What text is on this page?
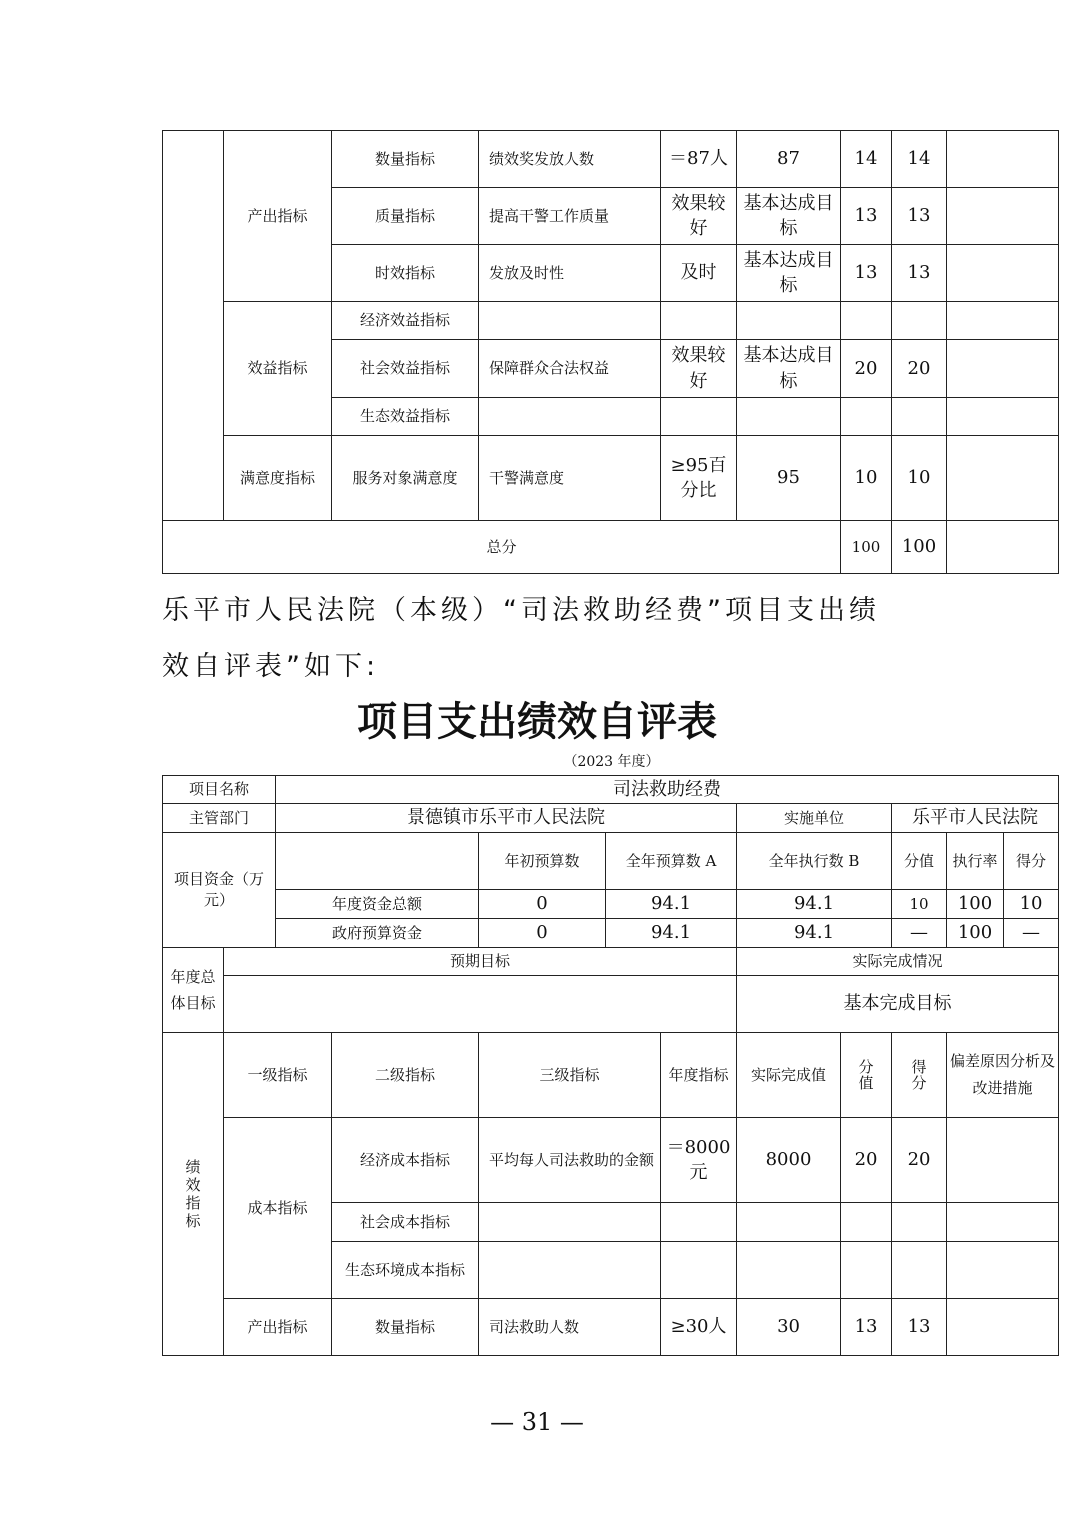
	产出指标	数量指标	绩效奖发放人数	＝87人	87	14	14	
		质量指标	提高干警工作质量	效果较好	基本达成目标	13	13	
		时效指标	发放及时性	及时	基本达成目标	13	13	
	效益指标	经济效益指标						
		社会效益指标	保障群众合法权益	效果较好	基本达成目标	20	20	
		生态效益指标						
	满意度指标	服务对象满意度	干警满意度	≥95百分比	95	10	10	
总分						100	100	
乐平市人民法院（本级）“司法救助经费”项目支出绩
效自评表”如下:
项目支出绩效自评表
（2023 年度）
项目名称		司法救助经费									
主管部门		景德镇市乐平市人民法院					实施单位		乐平市人民法院		
项目资金（万元）				年初预算数	全年预算数 A		全年执行数 B		分值	执行率	得分
		年度资金总额		0	94.1		94.1		10	100	10
		政府预算资金		0	94.1		94.1		—	100	—
年度总体目标	预期目标						实际完成情况				
							基本完成目标				

绩效指标	一级指标		二级指标	三级指标		年度指标	实际完成值	分值	得分	偏差原因分析及改进措施	
	成本指标		经济成本指标	平均每人司法救助的金额		＝8000元	8000	20	20		
			社会成本指标								
			生态环境成本指标								
	产出指标		数量指标	司法救助人数		≥30人	30	13	13		
— 31 —
